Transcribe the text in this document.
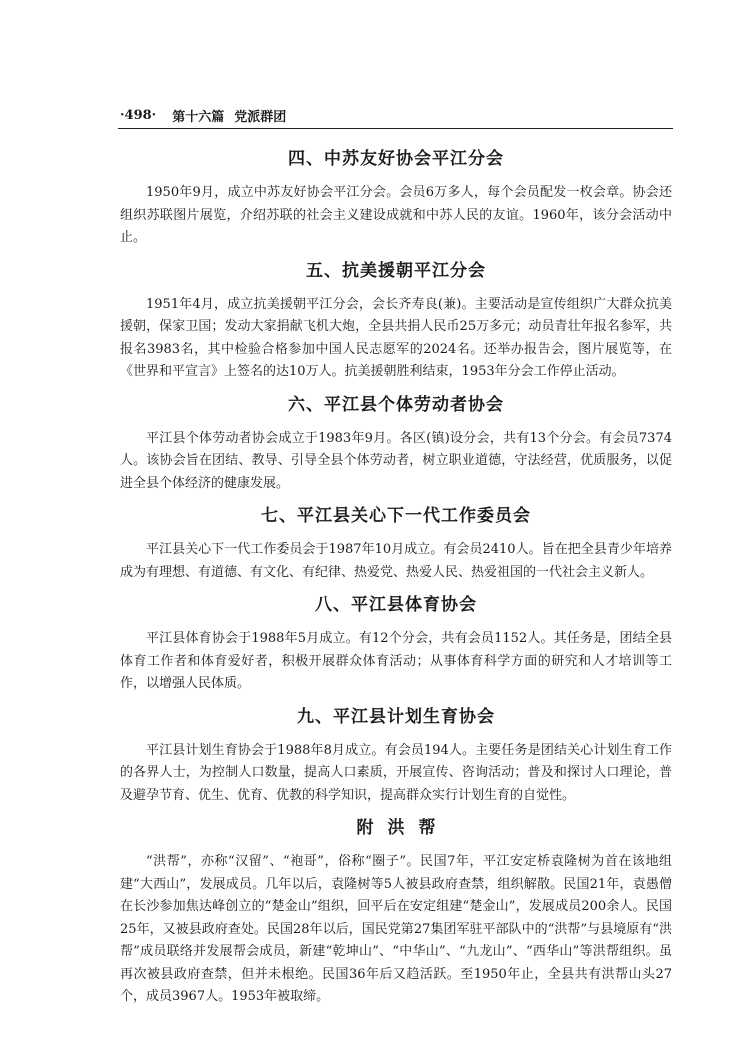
·498· 第十六篇 党派群团
四、中苏友好协会平江分会

1950年9月，成立中苏友好协会平江分会。会员6万多人，每个会员配发一枚会章。协会还组织苏联图片展览，介绍苏联的社会主义建设成就和中苏人民的友谊。1960年，该分会活动中止。

五、抗美援朝平江分会

1951年4月，成立抗美援朝平江分会，会长齐寿良(兼)。主要活动是宣传组织广大群众抗美援朝，保家卫国；发动大家捐献飞机大炮，全县共捐人民币25万多元；动员青壮年报名参军，共报名3983名，其中检验合格参加中国人民志愿军的2024名。还举办报告会，图片展览等，在《世界和平宣言》上签名的达10万人。抗美援朝胜利结束，1953年分会工作停止活动。

六、平江县个体劳动者协会

平江县个体劳动者协会成立于1983年9月。各区(镇)设分会，共有13个分会。有会员7374人。该协会旨在团结、教导、引导全县个体劳动者，树立职业道德，守法经营，优质服务，以促进全县个体经济的健康发展。

七、平江县关心下一代工作委员会

平江县关心下一代工作委员会于1987年10月成立。有会员2410人。旨在把全县青少年培养成为有理想、有道德、有文化、有纪律、热爱党、热爱人民、热爱祖国的一代社会主义新人。

八、平江县体育协会

平江县体育协会于1988年5月成立。有12个分会，共有会员1152人。其任务是，团结全县体育工作者和体育爱好者，积极开展群众体育活动；从事体育科学方面的研究和人才培训等工作，以增强人民体质。

九、平江县计划生育协会

平江县计划生育协会于1988年8月成立。有会员194人。主要任务是团结关心计划生育工作的各界人士，为控制人口数量，提高人口素质，开展宣传、咨询活动；普及和探讨人口理论，普及避孕节育、优生、优育、优教的科学知识，提高群众实行计划生育的自觉性。

附洪帮

“洪帮”，亦称“汉留”、“袍哥”，俗称“圈子”。民国7年，平江安定桥袁隆树为首在该地组建“大西山”，发展成员。几年以后，袁隆树等5人被县政府查禁，组织解散。民国21年，袁愚僧在长沙参加焦达峰创立的“楚金山”组织，回平后在安定组建“楚金山”，发展成员200余人。民国25年，又被县政府查处。民国28年以后，国民党第27集团军驻平部队中的“洪帮”与县境原有“洪帮”成员联络并发展帮会成员，新建“乾坤山”、“中华山”、“九龙山”、“西华山”等洪帮组织。虽再次被县政府查禁，但并未根绝。民国36年后又趋活跃。至1950年止，全县共有洪帮山头27个，成员3967人。1953年被取缔。
